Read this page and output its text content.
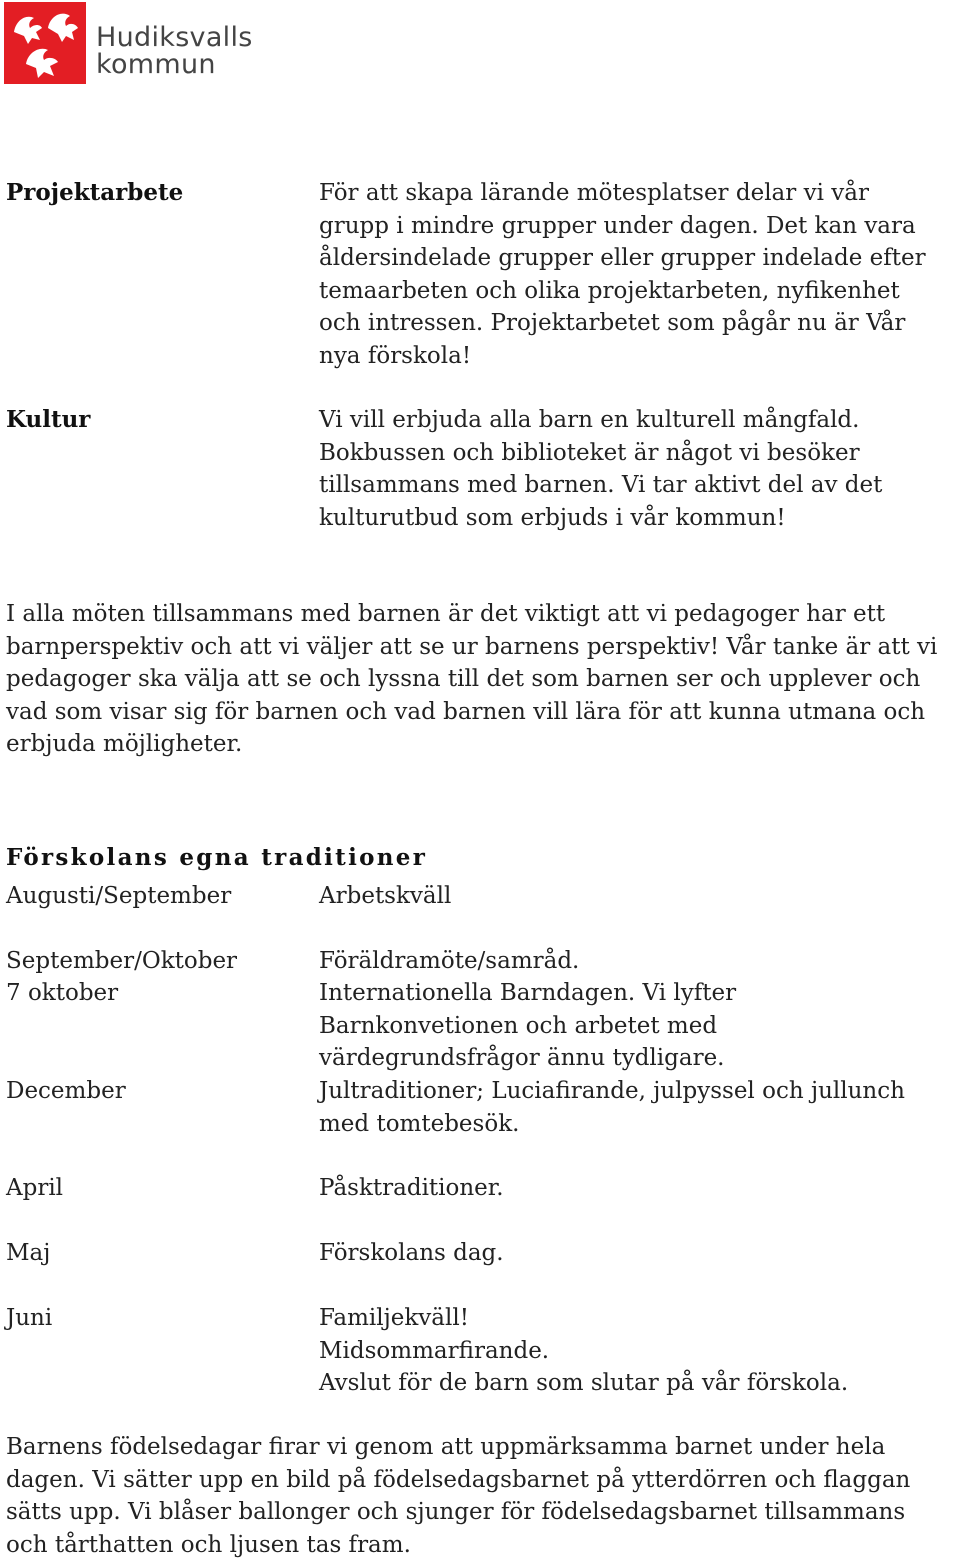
Hudiksvalls
kommun
Projektarbete	För att skapa lärande mötesplatser delar vi vår grupp i mindre grupper under dagen. Det kan vara åldersindelade grupper eller grupper indelade efter temaarbeten och olika projektarbeten, nyfikenhet och intressen. Projektarbetet som pågår nu är Vår nya förskola!

Kultur	Vi vill erbjuda alla barn en kulturell mångfald. Bokbussen och biblioteket är något vi besöker tillsammans med barnen. Vi tar aktivt del av det kulturutbud som erbjuds i vår kommun!

I alla möten tillsammans med barnen är det viktigt att vi pedagoger har ett barnperspektiv och att vi väljer att se ur barnens perspektiv! Vår tanke är att vi pedagoger ska välja att se och lyssna till det som barnen ser och upplever och vad som visar sig för barnen och vad barnen vill lära för att kunna utmana och erbjuda möjligheter.

Förskolans egna traditioner
Augusti/September	Arbetskväll
September/Oktober	Föräldramöte/samråd.
7 oktober	Internationella Barndagen. Vi lyfter Barnkonvetionen och arbetet med värdegrundsfrågor ännu tydligare.
December	Jultraditioner; Luciafirande, julpyssel och jullunch med tomtebesök.
April	Påsktraditioner.
Maj	Förskolans dag.
Juni	Familjekväll!
Midsommarfirande.
Avslut för de barn som slutar på vår förskola.

Barnens födelsedagar firar vi genom att uppmärksamma barnet under hela dagen. Vi sätter upp en bild på födelsedagsbarnet på ytterdörren och flaggan sätts upp. Vi blåser ballonger och sjunger för födelsedagsbarnet tillsammans och tårthatten och ljusen tas fram.
